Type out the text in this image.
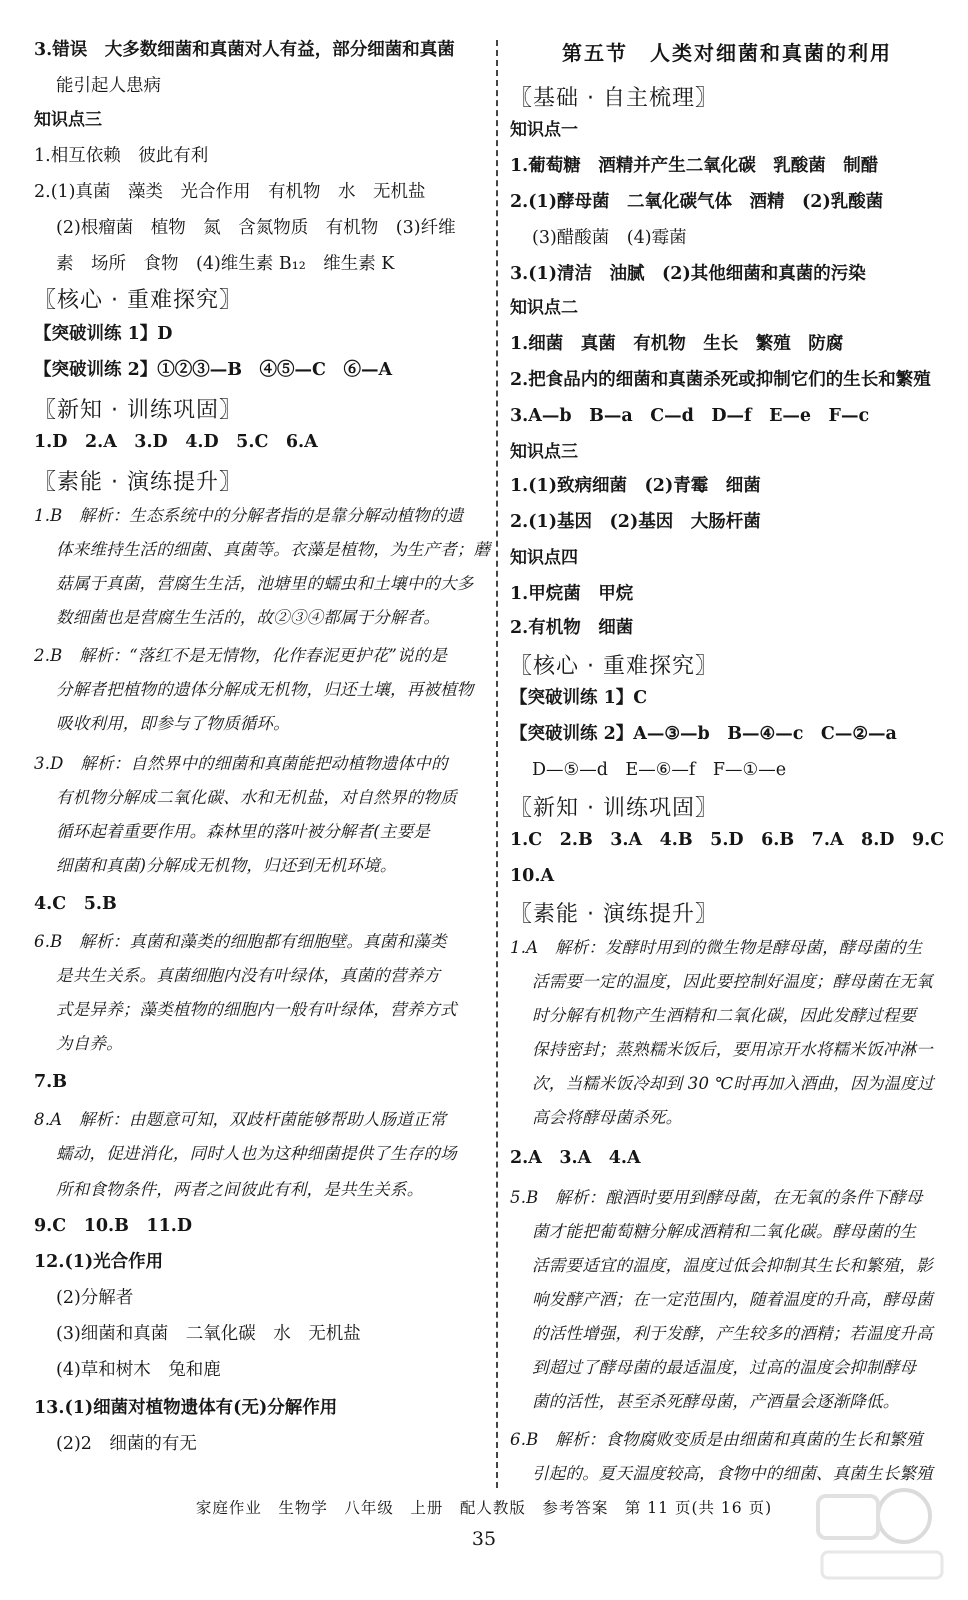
3.错误　大多数细菌和真菌对人有益，部分细菌和真菌
能引起人患病
知识点三
1.相互依赖　彼此有利
2.(1)真菌　藻类　光合作用　有机物　水　无机盐
(2)根瘤菌　植物　氮　含氮物质　有机物　(3)纤维
素　场所　食物　(4)维生素 B₁₂　维生素 K
〖核心 · 重难探究〗
【突破训练 1】D
【突破训练 2】①②③—B　④⑤—C　⑥—A
〖新知 · 训练巩固〗
1.D　2.A　3.D　4.D　5.C　6.A
〖素能 · 演练提升〗
1.B　解析：生态系统中的分解者指的是靠分解动植物的遗
体来维持生活的细菌、真菌等。衣藻是植物，为生产者；蘑
菇属于真菌，营腐生生活，池塘里的蠕虫和土壤中的大多
数细菌也是营腐生生活的，故②③④都属于分解者。
2.B　解析：“落红不是无情物，化作春泥更护花”说的是
分解者把植物的遗体分解成无机物，归还土壤，再被植物
吸收利用，即参与了物质循环。
3.D　解析：自然界中的细菌和真菌能把动植物遗体中的
有机物分解成二氧化碳、水和无机盐，对自然界的物质
循环起着重要作用。森林里的落叶被分解者(主要是
细菌和真菌)分解成无机物，归还到无机环境。
4.C　5.B
6.B　解析：真菌和藻类的细胞都有细胞壁。真菌和藻类
是共生关系。真菌细胞内没有叶绿体，真菌的营养方
式是异养；藻类植物的细胞内一般有叶绿体，营养方式
为自养。
7.B
8.A　解析：由题意可知，双歧杆菌能够帮助人肠道正常
蠕动，促进消化，同时人也为这种细菌提供了生存的场
所和食物条件，两者之间彼此有利，是共生关系。
9.C　10.B　11.D
12.(1)光合作用
(2)分解者
(3)细菌和真菌　二氧化碳　水　无机盐
(4)草和树木　兔和鹿
13.(1)细菌对植物遗体有(无)分解作用
(2)2　细菌的有无
第五节　人类对细菌和真菌的利用
〖基础 · 自主梳理〗
知识点一
1.葡萄糖　酒精并产生二氧化碳　乳酸菌　制醋
2.(1)酵母菌　二氧化碳气体　酒精　(2)乳酸菌
(3)醋酸菌　(4)霉菌
3.(1)清洁　油腻　(2)其他细菌和真菌的污染
知识点二
1.细菌　真菌　有机物　生长　繁殖　防腐
2.把食品内的细菌和真菌杀死或抑制它们的生长和繁殖
3.A—b　B—a　C—d　D—f　E—e　F—c
知识点三
1.(1)致病细菌　(2)青霉　细菌
2.(1)基因　(2)基因　大肠杆菌
知识点四
1.甲烷菌　甲烷
2.有机物　细菌
〖核心 · 重难探究〗
【突破训练 1】C
【突破训练 2】A—③—b　B—④—c　C—②—a
D—⑤—d　E—⑥—f　F—①—e
〖新知 · 训练巩固〗
1.C　2.B　3.A　4.B　5.D　6.B　7.A　8.D　9.C
10.A
〖素能 · 演练提升〗
1.A　解析：发酵时用到的微生物是酵母菌，酵母菌的生
活需要一定的温度，因此要控制好温度；酵母菌在无氧
时分解有机物产生酒精和二氧化碳，因此发酵过程要
保持密封；蒸熟糯米饭后，要用凉开水将糯米饭冲淋一
次，当糯米饭冷却到 30 ℃时再加入酒曲，因为温度过
高会将酵母菌杀死。
2.A　3.A　4.A
5.B　解析：酿酒时要用到酵母菌，在无氧的条件下酵母
菌才能把葡萄糖分解成酒精和二氧化碳。酵母菌的生
活需要适宜的温度，温度过低会抑制其生长和繁殖，影
响发酵产酒；在一定范围内，随着温度的升高，酵母菌
的活性增强，利于发酵，产生较多的酒精；若温度升高
到超过了酵母菌的最适温度，过高的温度会抑制酵母
菌的活性，甚至杀死酵母菌，产酒量会逐渐降低。
6.B　解析：食物腐败变质是由细菌和真菌的生长和繁殖
引起的。夏天温度较高，食物中的细菌、真菌生长繁殖
家庭作业　生物学　八年级　上册　配人教版　参考答案　第 11 页(共 16 页)
35
